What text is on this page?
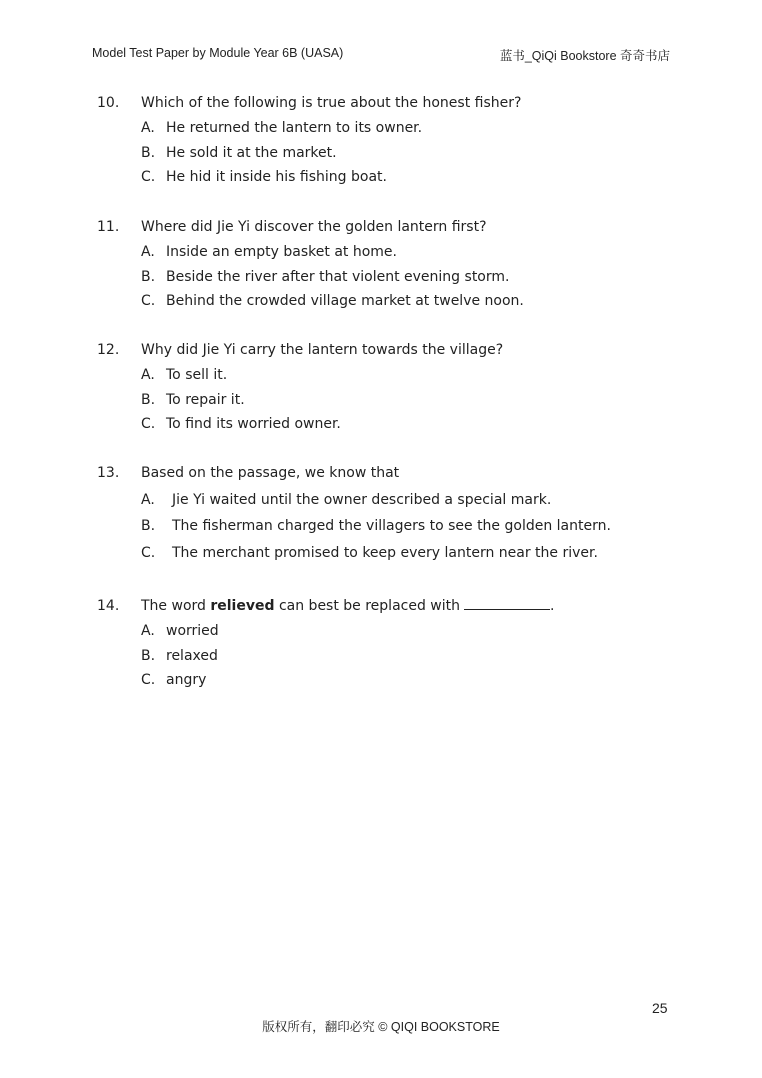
Model Test Paper by Module Year 6B (UASA)	蓝书_QiQi Bookstore 奇奇书店
10. Which of the following is true about the honest fisher?
A. He returned the lantern to its owner.
B. He sold it at the market.
C. He hid it inside his fishing boat.
11. Where did Jie Yi discover the golden lantern first?
A. Inside an empty basket at home.
B. Beside the river after that violent evening storm.
C. Behind the crowded village market at twelve noon.
12. Why did Jie Yi carry the lantern towards the village?
A. To sell it.
B. To repair it.
C. To find its worried owner.
13. Based on the passage, we know that
A. Jie Yi waited until the owner described a special mark.
B. The fisherman charged the villagers to see the golden lantern.
C. The merchant promised to keep every lantern near the river.
14. The word relieved can best be replaced with	.
A. worried
B. relaxed
C. angry
25
版权所有，翻印必究 © QIQI BOOKSTORE
